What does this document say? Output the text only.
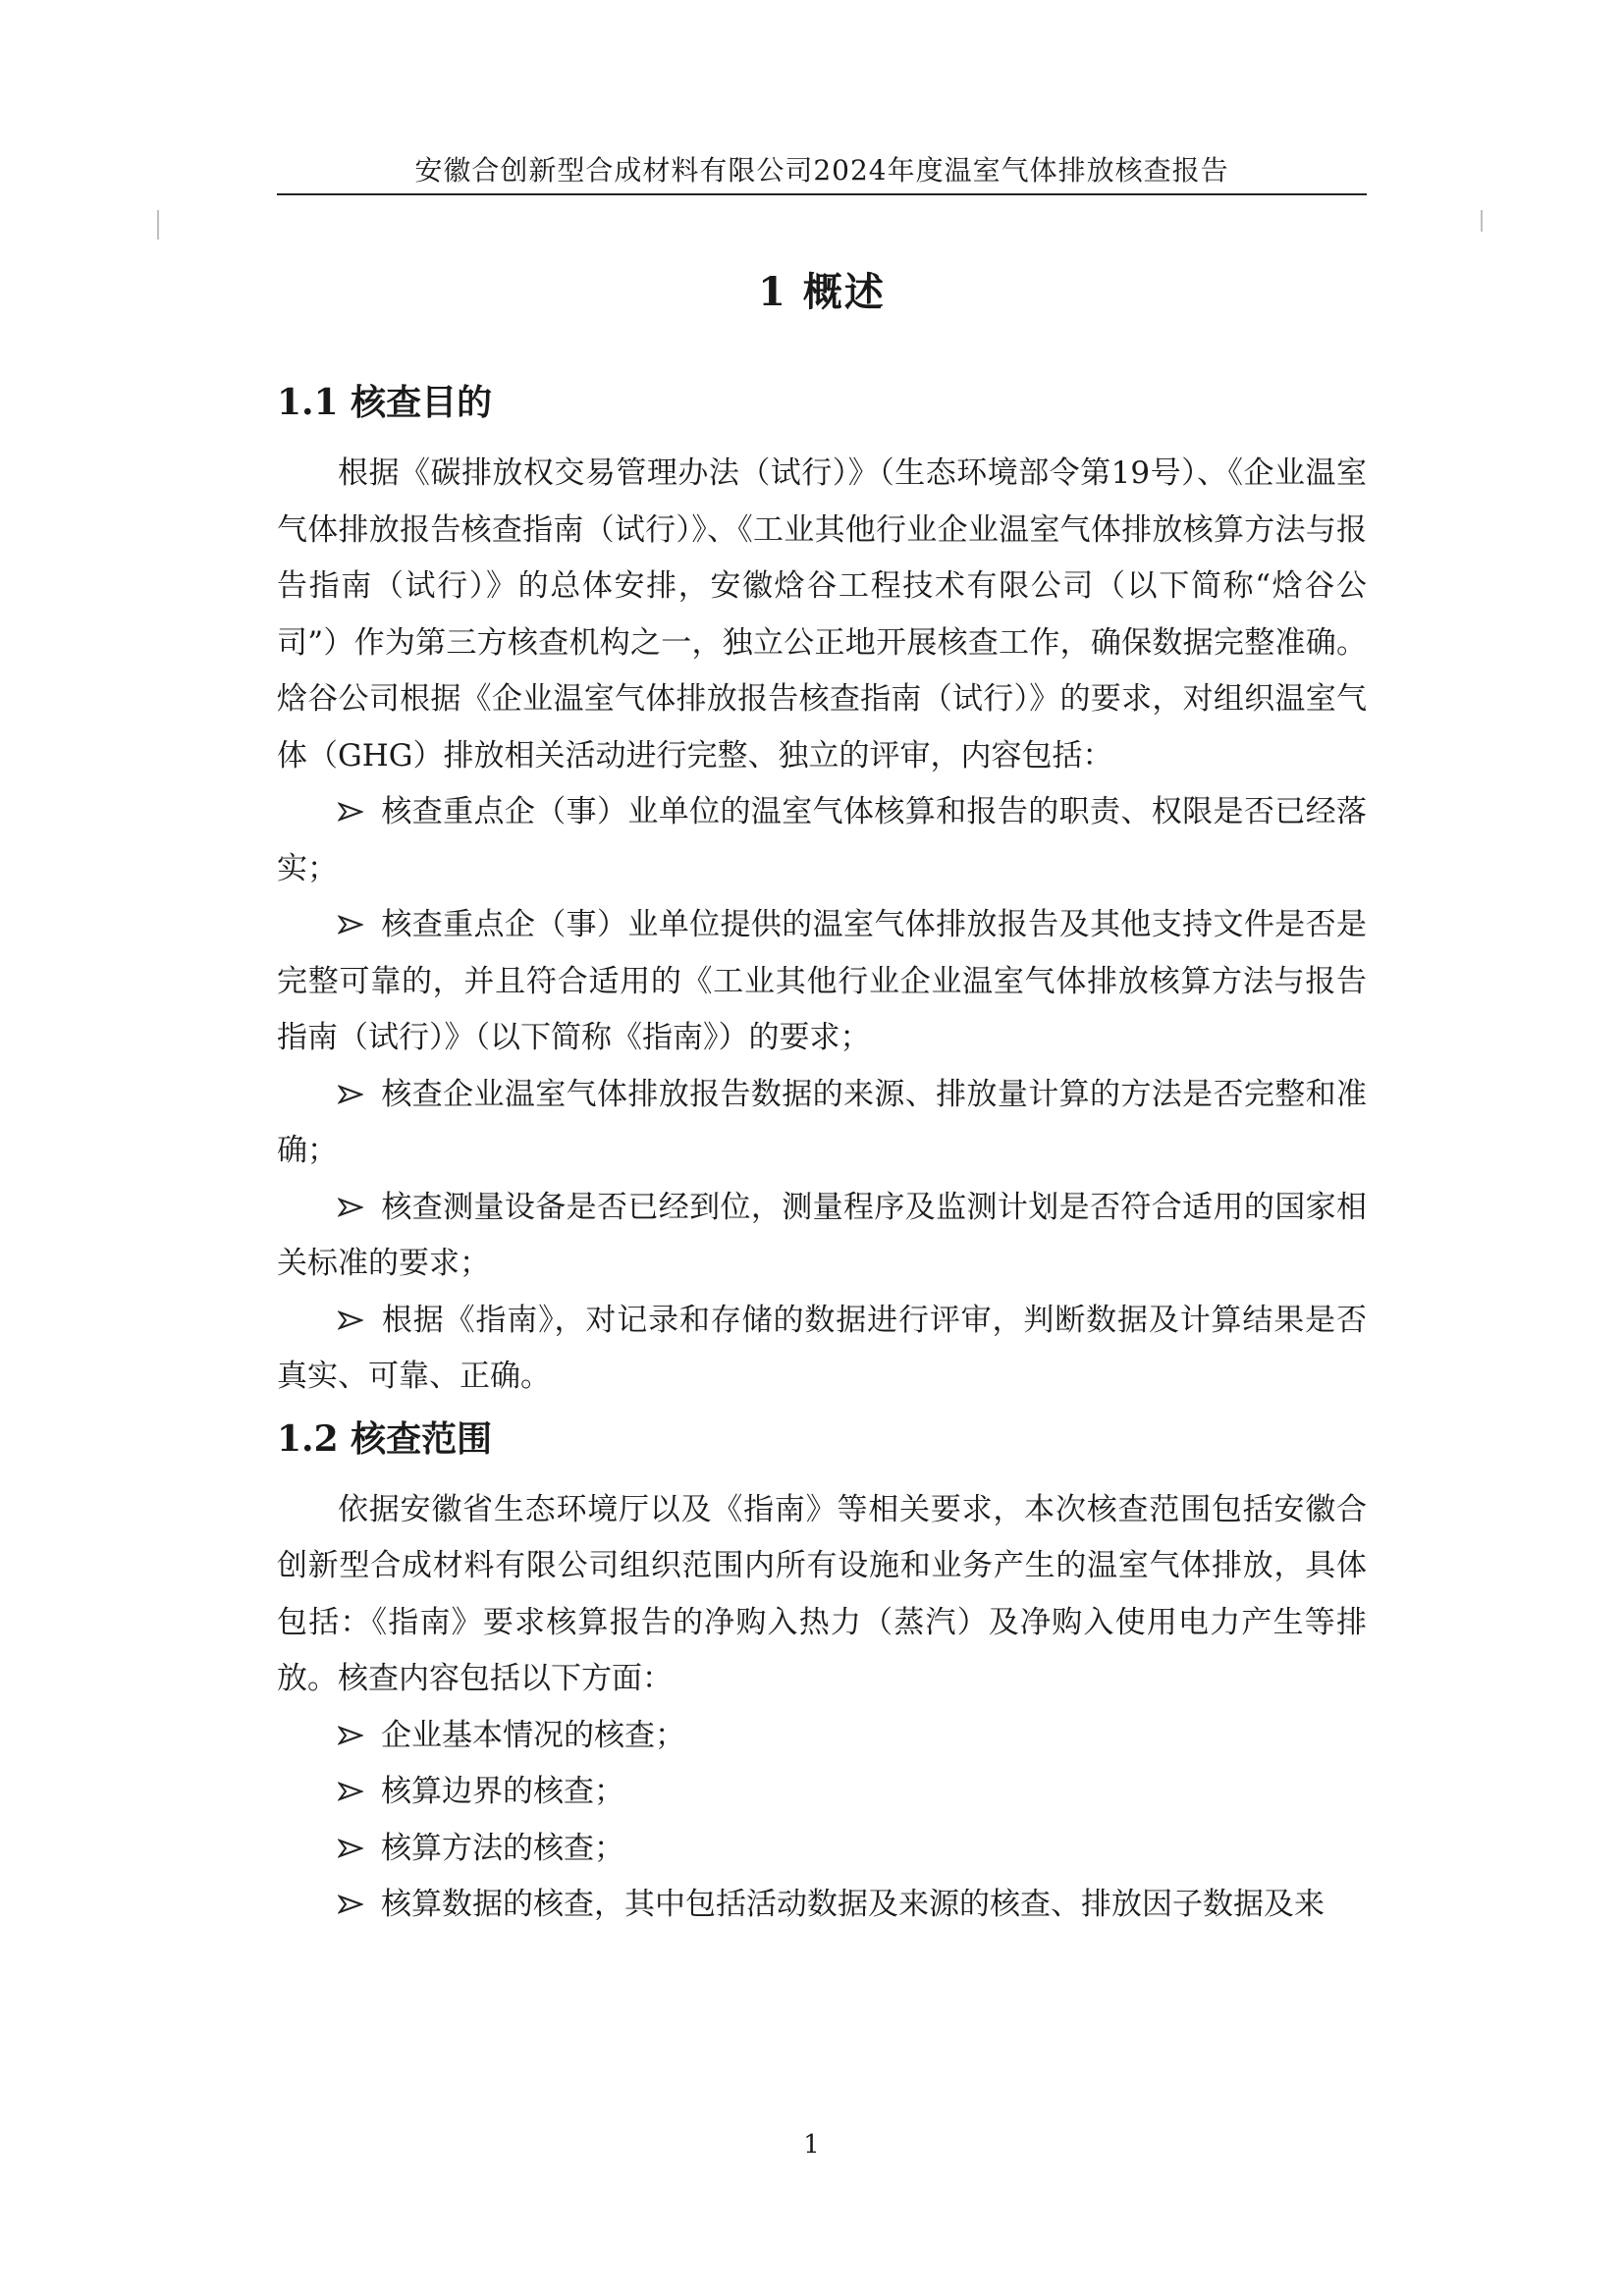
安徽合创新型合成材料有限公司2024年度温室气体排放核查报告
1 概述
1.1 核查目的

根据《碳排放权交易管理办法（试行）》（生态环境部令第19号）、《企业温室气体排放报告核查指南（试行）》、《工业其他行业企业温室气体排放核算方法与报告指南（试行）》的总体安排，安徽焓谷工程技术有限公司（以下简称“焓谷公司”）作为第三方核查机构之一，独立公正地开展核查工作，确保数据完整准确。焓谷公司根据《企业温室气体排放报告核查指南（试行）》的要求，对组织温室气体（GHG）排放相关活动进行完整、独立的评审，内容包括：

核查重点企（事）业单位的温室气体核算和报告的职责、权限是否已经落实；

核查重点企（事）业单位提供的温室气体排放报告及其他支持文件是否是完整可靠的，并且符合适用的《工业其他行业企业温室气体排放核算方法与报告指南（试行）》（以下简称《指南》）的要求；

核查企业温室气体排放报告数据的来源、排放量计算的方法是否完整和准确；

核查测量设备是否已经到位，测量程序及监测计划是否符合适用的国家相关标准的要求；

根据《指南》，对记录和存储的数据进行评审，判断数据及计算结果是否真实、可靠、正确。

1.2 核查范围

依据安徽省生态环境厅以及《指南》等相关要求，本次核查范围包括安徽合创新型合成材料有限公司组织范围内所有设施和业务产生的温室气体排放，具体包括：《指南》要求核算报告的净购入热力（蒸汽）及净购入使用电力产生等排放。核查内容包括以下方面：

企业基本情况的核查；

核算边界的核查；

核算方法的核查；

核算数据的核查，其中包括活动数据及来源的核查、排放因子数据及来

1
